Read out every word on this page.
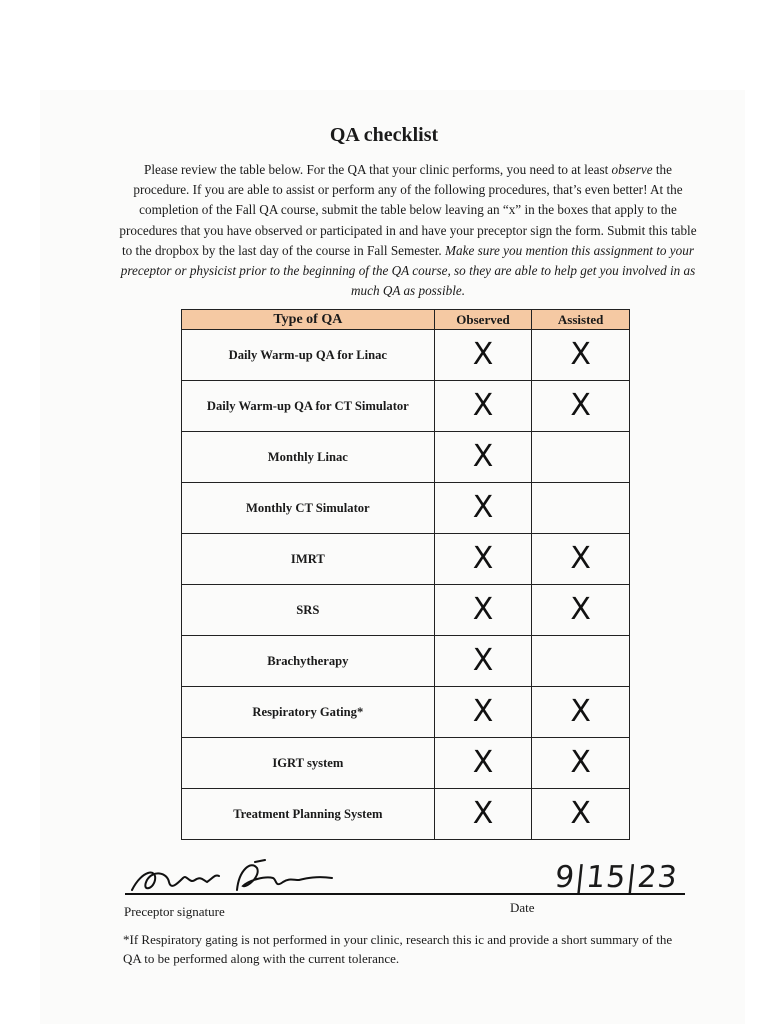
QA checklist
Please review the table below. For the QA that your clinic performs, you need to at least observe the procedure. If you are able to assist or perform any of the following procedures, that’s even better! At the completion of the Fall QA course, submit the table below leaving an “x” in the boxes that apply to the procedures that you have observed or participated in and have your preceptor sign the form. Submit this table to the dropbox by the last day of the course in Fall Semester. Make sure you mention this assignment to your preceptor or physicist prior to the beginning of the QA course, so they are able to help get you involved in as much QA as possible.
Type of QA	Observed	Assisted
Daily Warm-up QA for Linac	X	X
Daily Warm-up QA for CT Simulator	X	X
Monthly Linac	X	
Monthly CT Simulator	X	
IMRT	X	X
SRS	X	X
Brachytherapy	X	
Respiratory Gating*	X	X
IGRT system	X	X
Treatment Planning System	X	X
9|15|23
Preceptor signature	Date
*If Respiratory gating is not performed in your clinic, research this ic and provide a short summary of the QA to be performed along with the current tolerance.
